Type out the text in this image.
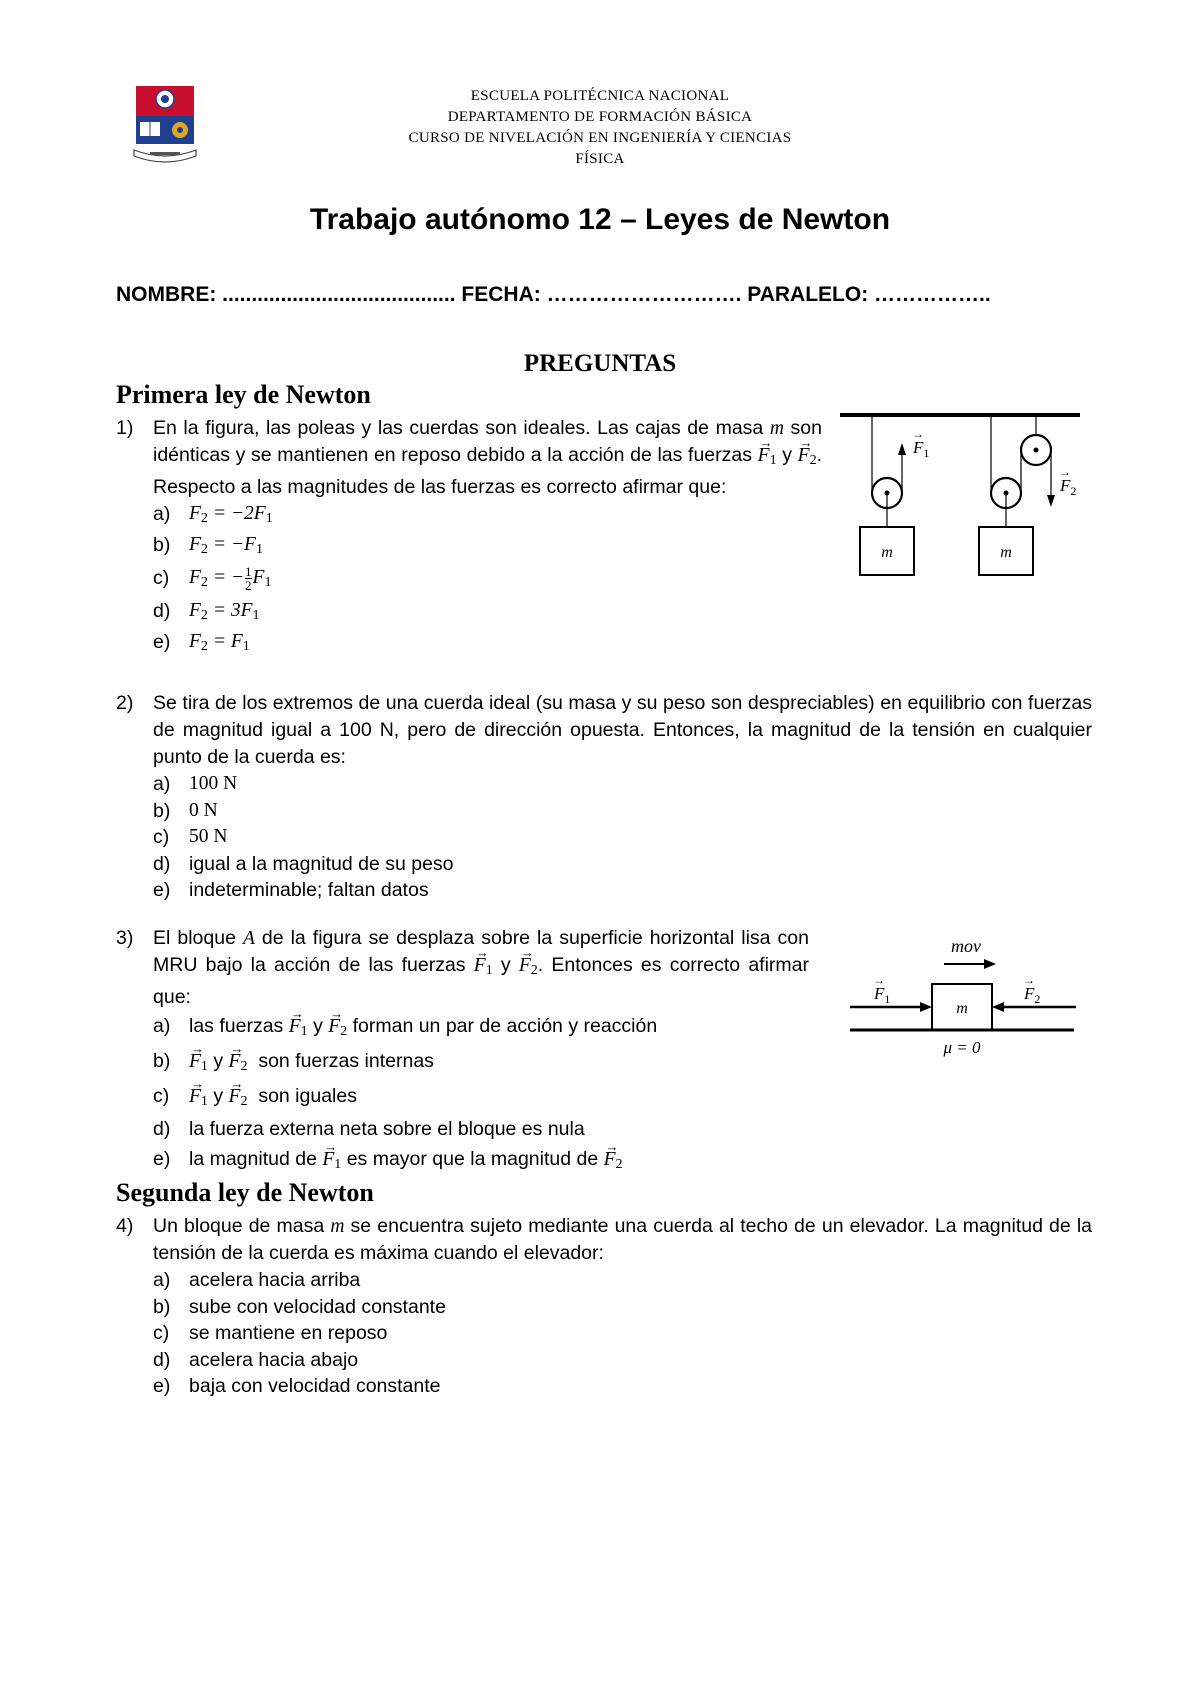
ESCUELA POLITÉCNICA NACIONAL
DEPARTAMENTO DE FORMACIÓN BÁSICA
CURSO DE NIVELACIÓN EN INGENIERÍA Y CIENCIAS
FÍSICA
Trabajo autónomo 12 – Leyes de Newton
NOMBRE: ........................................ FECHA: ………………………. PARALELO: ……………..
PREGUNTAS
Primera ley de Newton
1) En la figura, las poleas y las cuerdas son ideales. Las cajas de masa m son idénticas y se mantienen en reposo debido a la acción de las fuerzas → $F_1$ $y \to F_2$. Respecto a las magnitudes de las fuerzas es correcto afirmar que:
a) $F_2 = -2F_1$
b) $F_2 = -F_1$
c)	$F_2$ = − $\frac{1}{2} F_1$
d) $F_2 = 3F_1$
e) $F_2 = F_1$
m
$F_1$
→
m
$F_2$
→
2) Se tira de los extremos de una cuerda ideal (su masa y su peso son despreciables) en equilibrio con fuerzas de magnitud igual a 100 N, pero de dirección opuesta. Entonces, la magnitud de la tensión en cualquier punto de la cuerda es:
a) 100 N
b) 0 N
c)	50 N
d) igual a la magnitud de su peso
e) indeterminable; faltan datos
3) El bloque A de la figura se desplaza sobre la superficie horizontal lisa con MRU bajo la acción de las fuerzas → $F_1$ $y \to F_2$. Entonces es correcto afirmar que:
a) las fuerzas → $F_1$ $y \to F_2$ forman un par de acción y reacción
b)
→ $F_1$ $y \to F_2$ son fuerzas internas
c)
→	$F_1$ $y \to F_2$ son iguales
d) la fuerza externa neta sobre el bloque es nula
e) la magnitud de → $F_1$ es mayor que la magnitud de → $F_2$
mov
m
$F_1$
→
$F_2$
→
μ = 0
Segunda ley de Newton
4) Un bloque de masa m se encuentra sujeto mediante una cuerda al techo de un elevador. La magnitud de la tensión de la cuerda es máxima cuando el elevador:
a) acelera hacia arriba
b) sube con velocidad constante
c)	se mantiene en reposo
d) acelera hacia abajo
e) baja con velocidad constante
